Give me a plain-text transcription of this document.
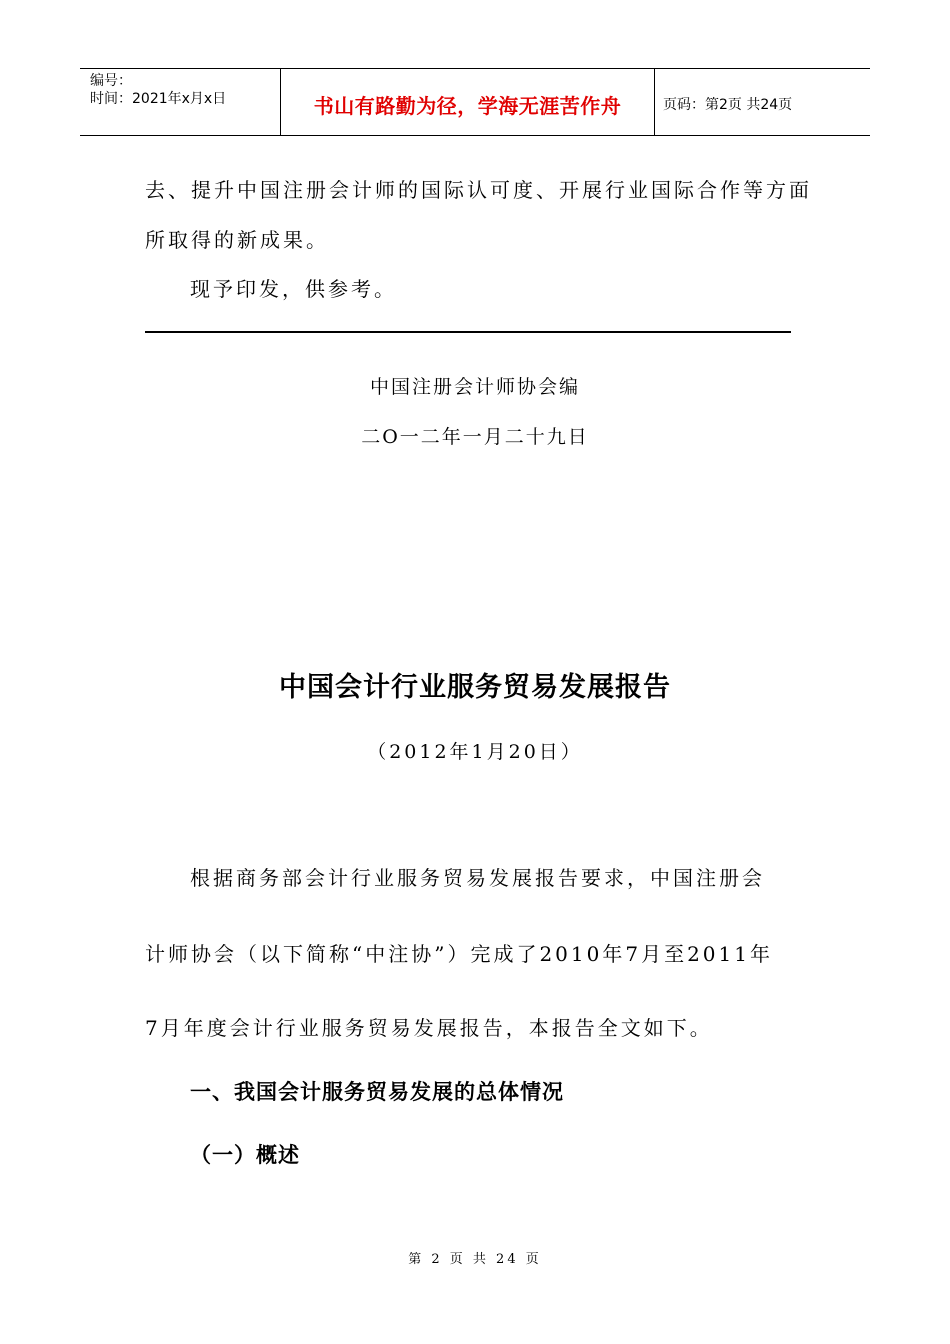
编号：
时间：2021年x月x日	书山有路勤为径，学海无涯苦作舟	页码：第2页 共24页
去、提升中国注册会计师的国际认可度、开展行业国际合作等方面
所取得的新成果。
现予印发，供参考。
中国注册会计师协会编
二O一二年一月二十九日
中国会计行业服务贸易发展报告
（2012年1月20日）
根据商务部会计行业服务贸易发展报告要求，中国注册会
计师协会（以下简称“中注协”）完成了2010年7月至2011年
7月年度会计行业服务贸易发展报告，本报告全文如下。
一、我国会计服务贸易发展的总体情况
（一）概述
第 2 页 共 24 页
